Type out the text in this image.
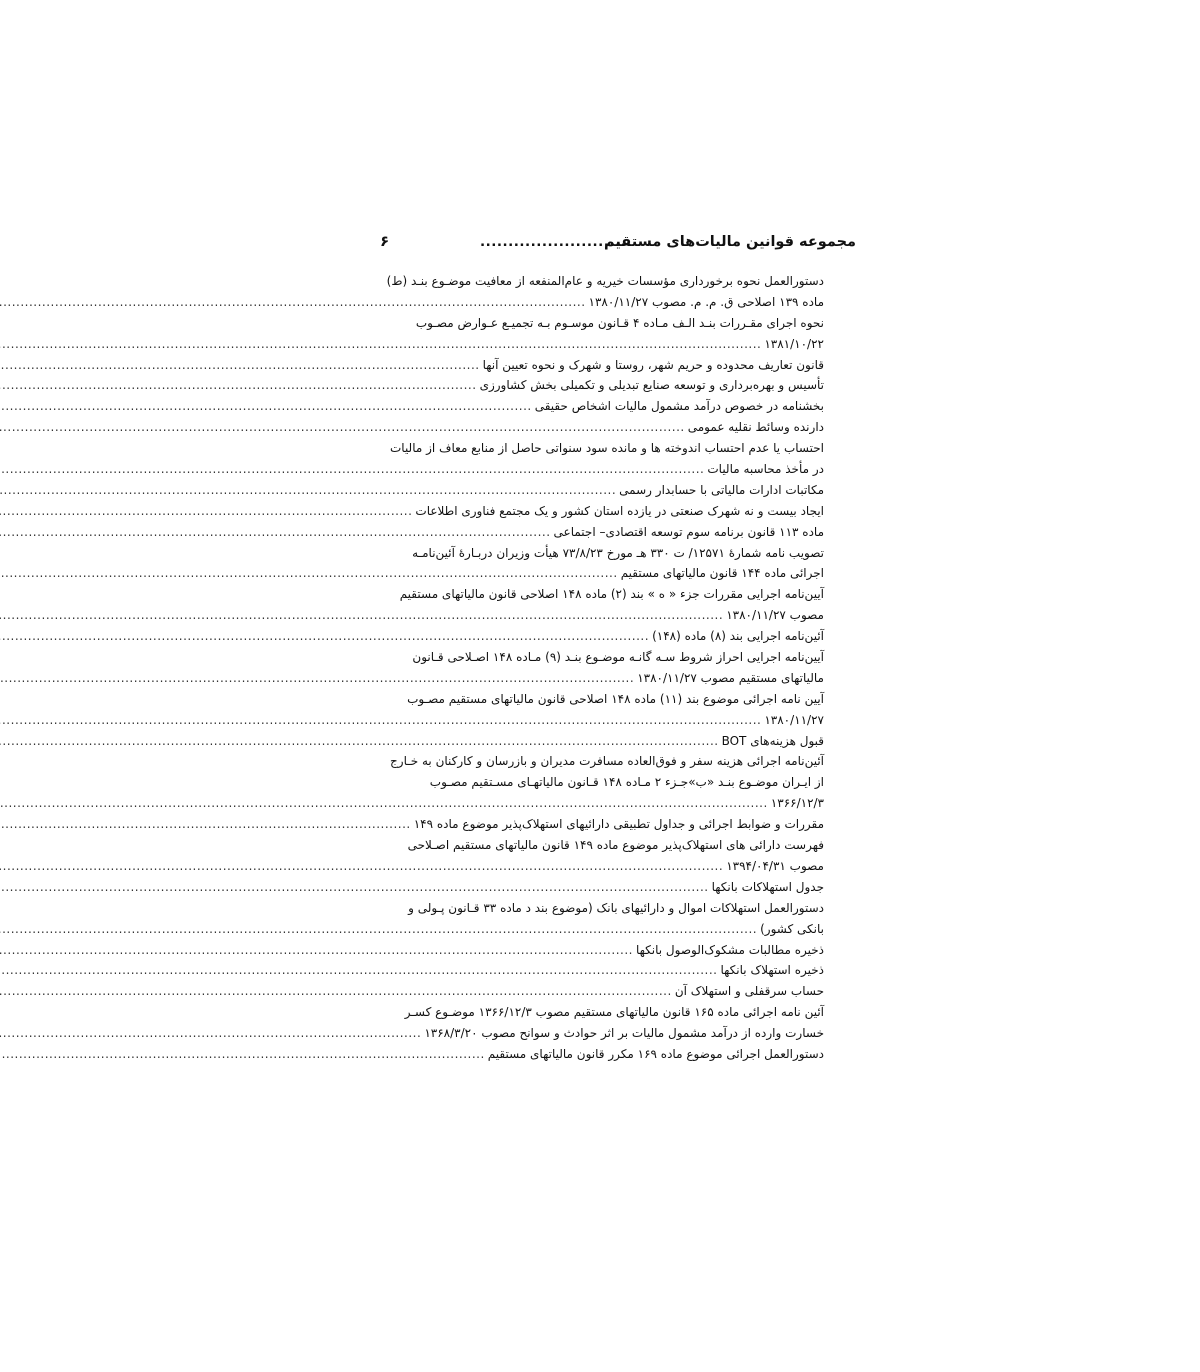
مجموعه قوانین مالیات‌های مستقیم
...........................
۶
دستورالعمل نحوه برخورداری مؤسسات خیریه و عام‌المنفعه از معافیت موضـوع بنـد (ط)
ماده ۱۳۹ اصلاحی ق. م. م. مصوب ۱۳۸۰/۱۱/۲۷
.....
نحوه اجرای مقـررات بنـد الـف مـاده ۴ قـانون موسـوم بـه تجمیـع عـوارض مصـوب
۱۳۸۱/۱۰/۲۲
.....
قانون تعاریف محدوده و حریم شهر، روستا و شهرک و نحوه تعیین آنها
.....
تأسیس و بهره‌برداری و توسعه صنایع تبدیلی و تکمیلی بخش کشاورزی
.....
بخشنامه در خصوص درآمد مشمول مالیات اشخاص حقیقی
.....
دارنده وسائط نقلیه عمومی
.....
احتساب یا عدم احتساب اندوخته ها و مانده سود سنواتی حاصل از منابع معاف از مالیات
در مأخذ محاسبه مالیات
.....
مکاتبات ادارات مالیاتی با حسابدار رسمی
.....
ایجاد بیست و نه شهرک صنعتی در یازده استان کشور و یک مجتمع فناوری اطلاعات
.....
ماده ۱۱۳ قانون برنامه سوم توسعه اقتصادی– اجتماعی
.....
تصویب نامه شمارهٔ ۱۲۵۷۱/ ت ۳۳۰ هـ مورخ ۷۳/۸/۲۳ هیأت وزیران دربـارهٔ آئین‌نامـه
اجرائی ماده ۱۴۴ قانون مالیاتهای مستقیم
.....
آیین‌نامه اجرایی مقررات جزء « ه » بند (۲) ماده ۱۴۸ اصلاحی قانون مالیاتهای مستقیم
مصوب ۱۳۸۰/۱۱/۲۷
.....
آئین‌نامه اجرایی بند (۸) ماده (۱۴۸)
.....
آیین‌نامه اجرایی احراز شروط سـه گانـه موضـوع بنـد (۹) مـاده ۱۴۸ اصـلاحی قـانون
مالیاتهای مستقیم مصوب ۱۳۸۰/۱۱/۲۷
.....
آیین نامه اجرائی موضوع بند (۱۱) ماده ۱۴۸ اصلاحی قانون مالیاتهای مستقیم مصـوب
۱۳۸۰/۱۱/۲۷
.....
قبول هزینه‌های BOT
.....
آئین‌نامه اجرائی هزینه سفر و فوق‌العاده مسافرت مدیران و بازرسان و کارکنان به خـارج
از ایـران موضـوع بنـد «ب»جـزء ۲ مـاده ۱۴۸ قـانون مالیاتهـای مسـتقیم مصـوب
۱۳۶۶/۱۲/۳
.....
مقررات و ضوابط اجرائی و جداول تطبیقی دارائیهای استهلاک‌پذیر موضوع ماده ۱۴۹
.....
فهرست دارائی های استهلاک‌پذیر موضوع ماده ۱۴۹ قانون مالیاتهای مستقیم اصـلاحی
مصوب ۱۳۹۴/۰۴/۳۱
.....
جدول استهلاکات بانکها
.....
دستورالعمل استهلاکات اموال و دارائیهای بانک (موضوع بند د ماده ۳۳ قـانون پـولی و
بانکی کشور)
.....
ذخیره مطالبات مشکوک‌الوصول بانکها
.....
ذخیره استهلاک بانکها
.....
حساب سرقفلی و استهلاک آن
.....
آئین نامه اجرائی ماده ۱۶۵ قانون مالیاتهای مستقیم مصوب ۱۳۶۶/۱۲/۳ موضـوع کسـر
خسارت وارده از درآمد مشمول مالیات بر اثر حوادث و سوانح مصوب ۱۳۶۸/۳/۲۰
.....
دستورالعمل اجرائی موضوع ماده ۱۶۹ مکرر قانون مالیاتهای مستقیم
.....
